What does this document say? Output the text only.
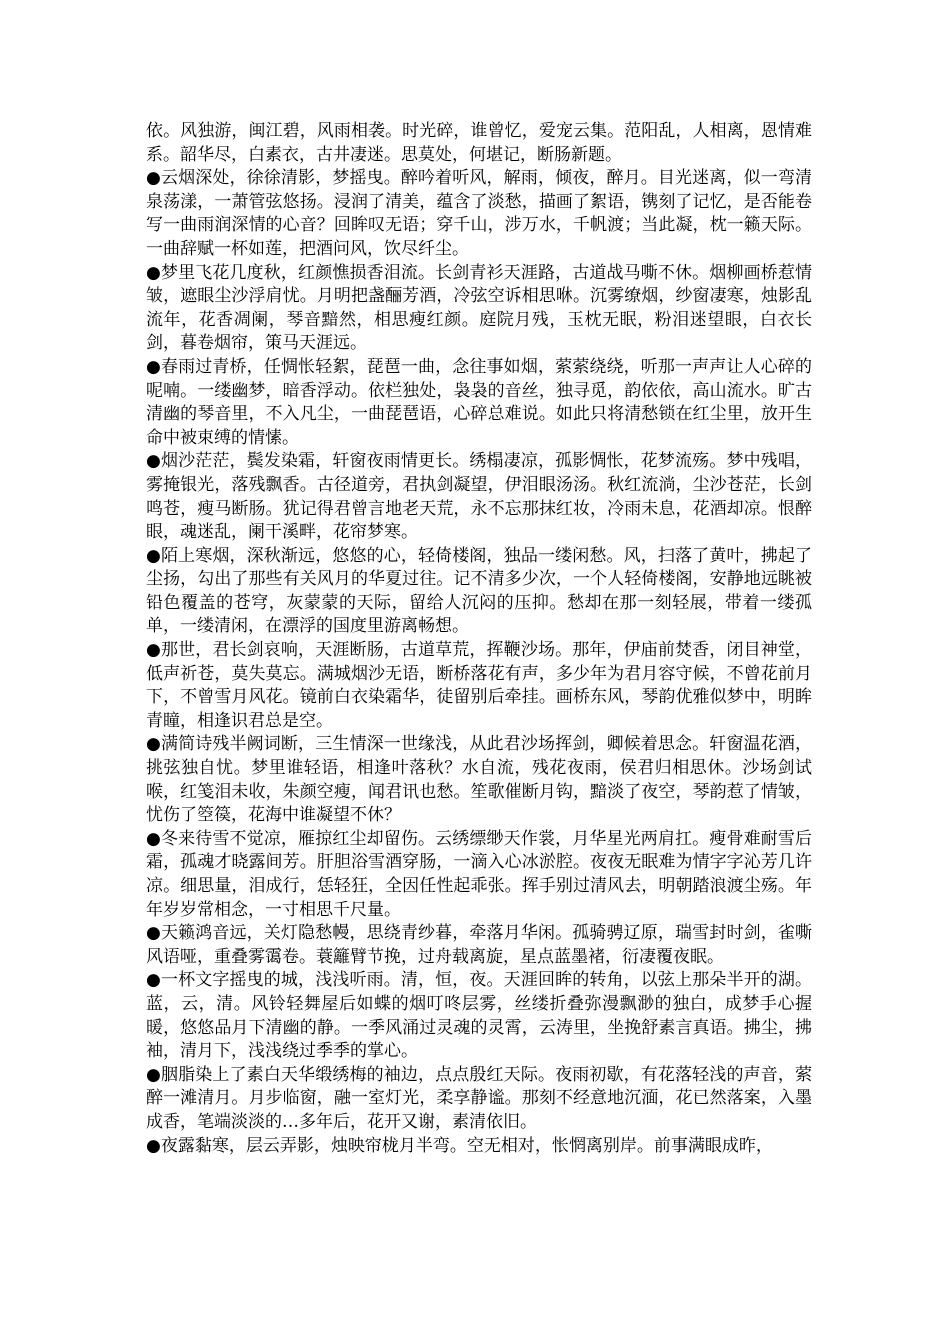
依。风独游，闽江碧，风雨相袭。时光碎，谁曾忆，爱宠云集。范阳乱，人相离，恩情难系。韶华尽，白素衣，古井凄迷。思莫处，何堪记，断肠新题。

●云烟深处，徐徐清影，梦摇曳。醉吟着听风，解雨，倾夜，醉月。目光迷离，似一弯清泉荡漾，一萧管弦悠扬。浸润了清美，蕴含了淡愁，描画了絮语，镌刻了记忆，是否能卷写一曲雨润深情的心音？回眸叹无语；穿千山，涉万水，千帆渡；当此凝，枕一籁天际。一曲辞赋一杯如莲，把酒问风，饮尽纤尘。

●梦里飞花几度秋，红颜憔损香泪流。长剑青衫天涯路，古道战马嘶不休。烟柳画桥惹情皱，遮眼尘沙浮肩忧。月明把盏酾芳酒，冷弦空诉相思咻。沉雾缭烟，纱窗凄寒，烛影乱流年，花香凋阑，琴音黯然，相思瘦红颜。庭院月残，玉枕无眠，粉泪迷望眼，白衣长剑，暮卷烟帘，策马天涯远。

●春雨过青桥，任惆怅轻絮，琵琶一曲，念往事如烟，萦萦绕绕，听那一声声让人心碎的呢喃。一缕幽梦，暗香浮动。依栏独处，袅袅的音丝，独寻觅，韵依依，高山流水。旷古清幽的琴音里，不入凡尘，一曲琵琶语，心碎总难说。如此只将清愁锁在红尘里，放开生命中被束缚的情愫。

●烟沙茫茫，鬓发染霜，轩窗夜雨情更长。绣榻凄凉，孤影惆怅，花梦流殇。梦中残唱，雾掩银光，落残飘香。古径道旁，君执剑凝望，伊泪眼汤汤。秋红流淌，尘沙苍茫，长剑鸣苍，瘦马断肠。犹记得君曾言地老天荒，永不忘那抹红妆，冷雨未息，花酒却凉。恨醉眼，魂迷乱，阑干溪畔，花帘梦寒。

●陌上寒烟，深秋渐远，悠悠的心，轻倚楼阁，独品一缕闲愁。风，扫落了黄叶，拂起了尘扬，勾出了那些有关风月的华夏过往。记不清多少次，一个人轻倚楼阁，安静地远眺被铅色覆盖的苍穹，灰蒙蒙的天际，留给人沉闷的压抑。愁却在那一刻轻展，带着一缕孤单，一缕清闲，在漂浮的国度里游离畅想。

●那世，君长剑哀响，天涯断肠，古道草荒，挥鞭沙场。那年，伊庙前焚香，闭目神堂，低声祈苍，莫失莫忘。满城烟沙无语，断桥落花有声，多少年为君月容守候，不曾花前月下，不曾雪月风花。镜前白衣染霜华，徒留别后牵挂。画桥东风，琴韵优雅似梦中，明眸青瞳，相逢识君总是空。

●满简诗残半阙词断，三生情深一世缘浅，从此君沙场挥剑，卿候着思念。轩窗温花酒，挑弦独自忧。梦里谁轻语，相逢叶落秋？水自流，残花夜雨，侯君归相思休。沙场剑试喉，红笺泪未收，朱颜空瘦，闻君讯也愁。笙歌催断月钩，黯淡了夜空，琴韵惹了情皱，忧伤了箜篌，花海中谁凝望不休？

●冬来待雪不觉凉，雁掠红尘却留伤。云绣缥缈天作裳，月华星光两肩扛。瘦骨难耐雪后霜，孤魂才晓露间芳。肝胆浴雪酒穿肠，一滴入心冰淤腔。夜夜无眠难为情字字沁芳几许凉。细思量，泪成行，恁轻狂，全因任性起乖张。挥手别过清风去，明朝踏浪渡尘殇。年年岁岁常相念，一寸相思千尺量。

●天籁鸿音远，关灯隐愁幔，思绕青纱暮，牵落月华闲。孤骑骋辽原，瑞雪封时剑，雀嘶风语哑，重叠雾霭卷。蓑籬臂节挽，过舟载离旋，星点蓝墨褚，衍凄覆夜眠。

●一杯文字摇曳的城，浅浅听雨。清，恒，夜。天涯回眸的转角，以弦上那朵半开的湖。蓝，云，清。风铃轻舞屋后如蝶的烟叮咚层雾，丝缕折叠弥漫飘渺的独白，成梦手心握暖，悠悠品月下清幽的静。一季风涌过灵魂的灵霄，云涛里，坐挽舒素言真语。拂尘，拂袖，清月下，浅浅绕过季季的掌心。

●胭脂染上了素白天华缎绣梅的袖边，点点殷红天际。夜雨初歇，有花落轻浅的声音，萦醉一滩清月。月步临窗，融一室灯光，柔享静谧。那刻不经意地沉湎，花已然落案，入墨成香，笔端淡淡的…多年后，花开又谢，素清依旧。

●夜露黏寒，层云弄影，烛映帘栊月半弯。空无相对，怅惘离别岸。前事满眼成昨，
